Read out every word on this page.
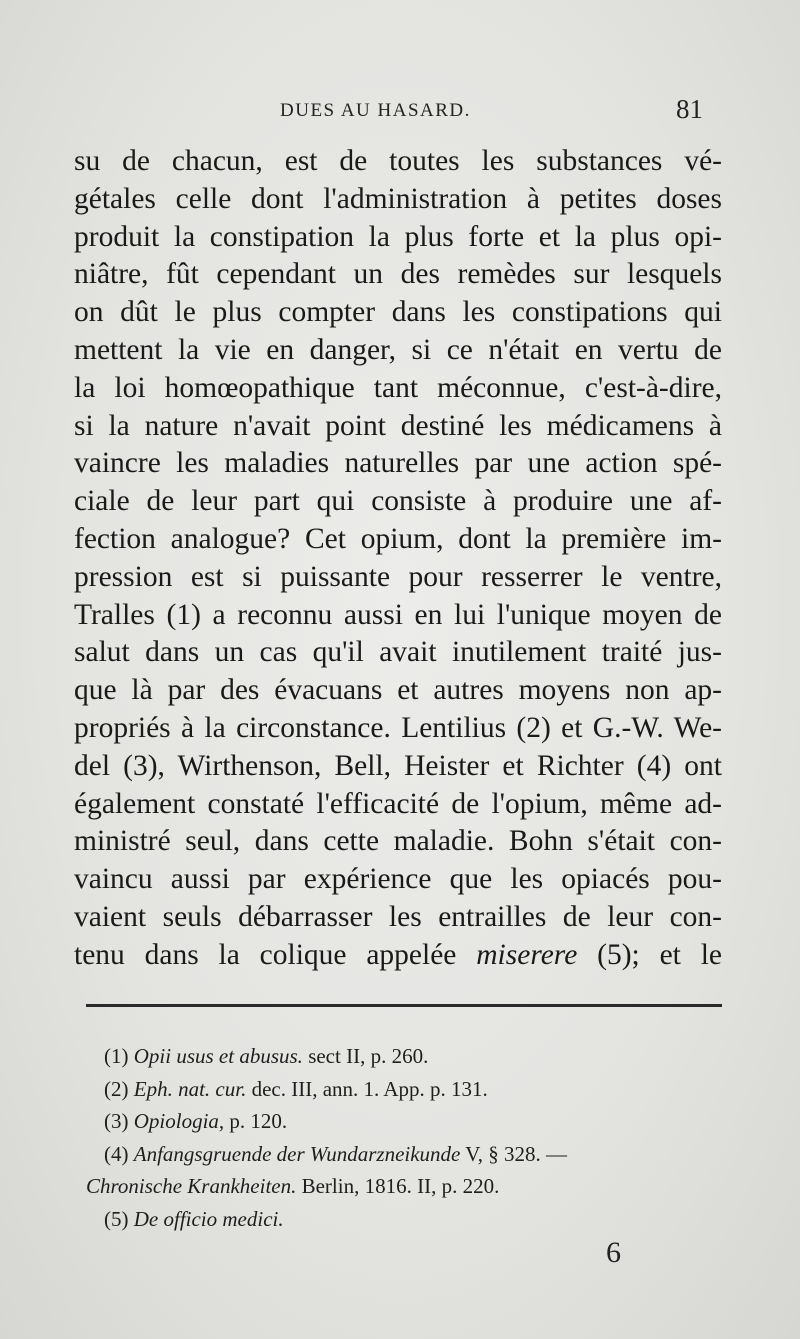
DUES AU HASARD.	81
su de chacun, est de toutes les substances vé-
gétales celle dont l'administration à petites doses
produit la constipation la plus forte et la plus opi-
niâtre, fût cependant un des remèdes sur lesquels
on dût le plus compter dans les constipations qui
mettent la vie en danger, si ce n'était en vertu de
la loi homœopathique tant méconnue, c'est-à-dire,
si la nature n'avait point destiné les médicamens à
vaincre les maladies naturelles par une action spé-
ciale de leur part qui consiste à produire une af-
fection analogue? Cet opium, dont la première im-
pression est si puissante pour resserrer le ventre,
Tralles (1) a reconnu aussi en lui l'unique moyen de
salut dans un cas qu'il avait inutilement traité jus-
que là par des évacuans et autres moyens non ap-
propriés à la circonstance. Lentilius (2) et G.-W. We-
del (3), Wirthenson, Bell, Heister et Richter (4) ont
également constaté l'efficacité de l'opium, même ad-
ministré seul, dans cette maladie. Bohn s'était con-
vaincu aussi par expérience que les opiacés pou-
vaient seuls débarrasser les entrailles de leur con-
tenu dans la colique appelée miserere (5); et le
(1) Opii usus et abusus. sect II, p. 260.
(2) Eph. nat. cur. dec. III, ann. 1. App. p. 131.
(3) Opiologia, p. 120.
(4) Anfangsgruende der Wundarzneikunde V, § 328. —
Chronische Krankheiten. Berlin, 1816. II, p. 220.
(5) De officio medici.
6
